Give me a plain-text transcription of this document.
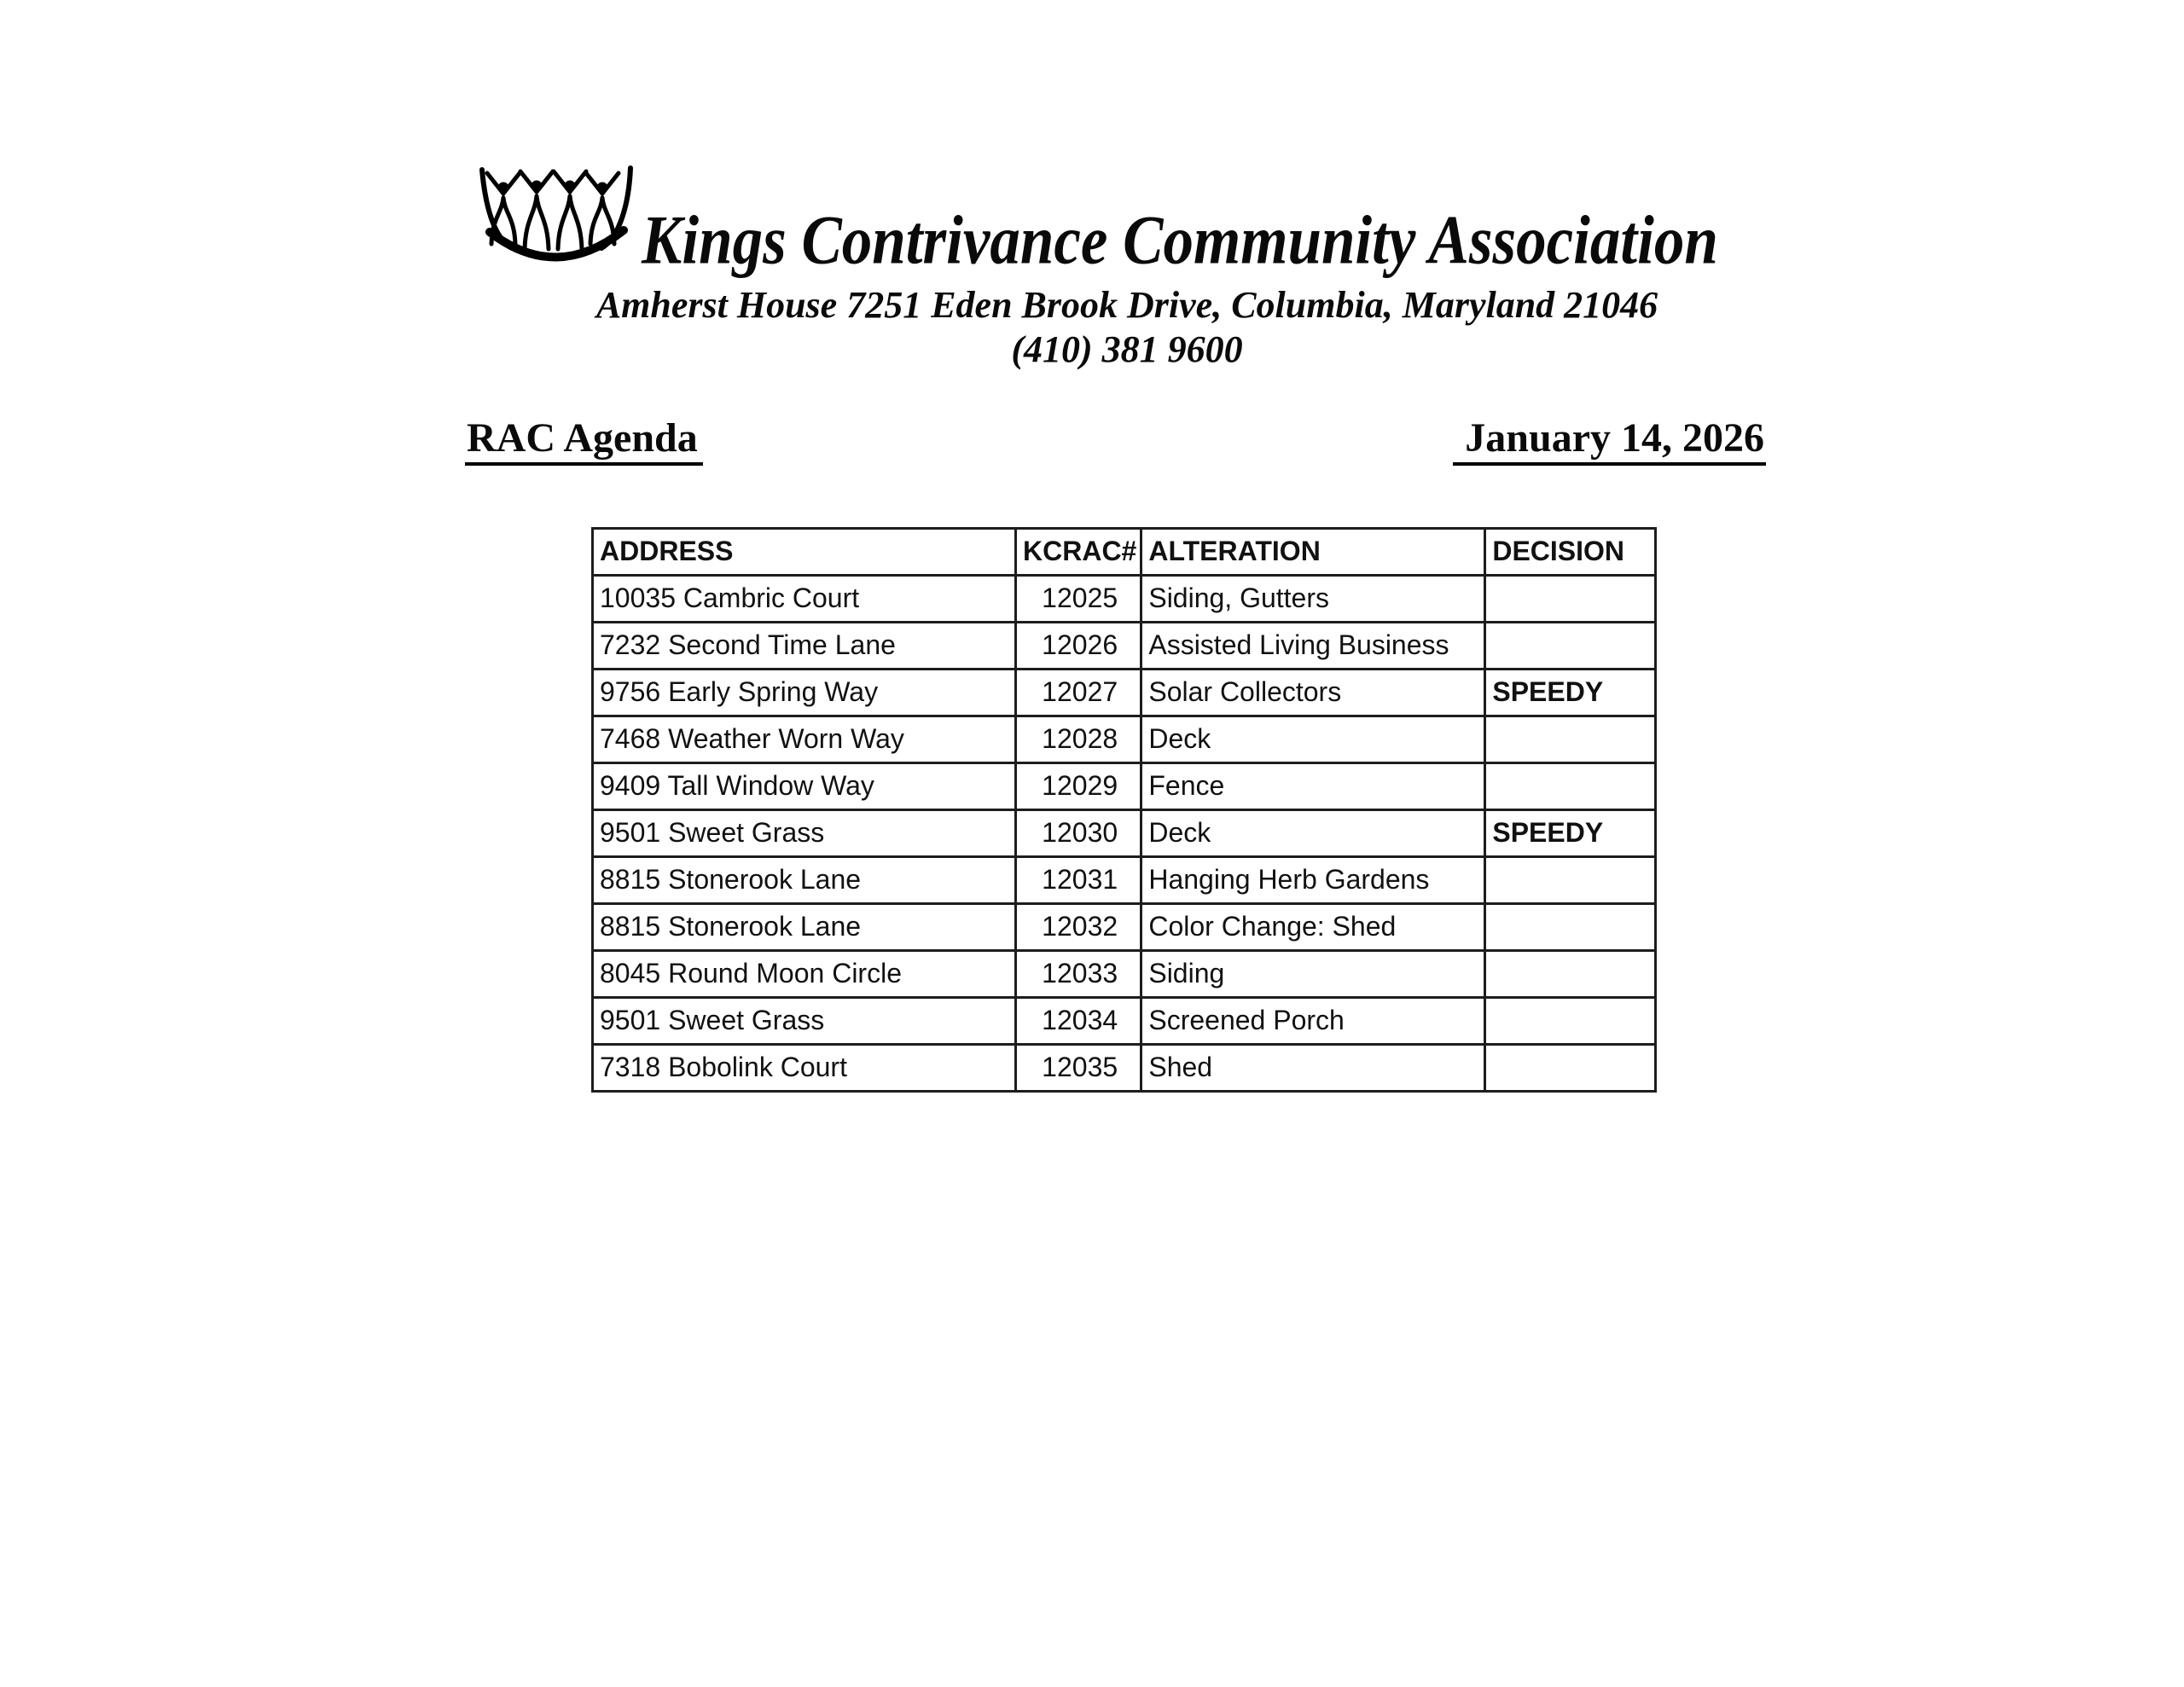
Kings Contrivance Community Association
Amherst House 7251 Eden Brook Drive, Columbia, Maryland 21046
(410) 381 9600
RAC Agenda	January 14, 2026
ADDRESS	KCRAC#	ALTERATION	DECISION
10035 Cambric Court	12025	Siding, Gutters	
7232 Second Time Lane	12026	Assisted Living Business	
9756 Early Spring Way	12027	Solar Collectors	SPEEDY
7468 Weather Worn Way	12028	Deck	
9409 Tall Window Way	12029	Fence	
9501 Sweet Grass	12030	Deck	SPEEDY
8815 Stonerook Lane	12031	Hanging Herb Gardens	
8815 Stonerook Lane	12032	Color Change: Shed	
8045 Round Moon Circle	12033	Siding	
9501 Sweet Grass	12034	Screened Porch	
7318 Bobolink Court	12035	Shed	
